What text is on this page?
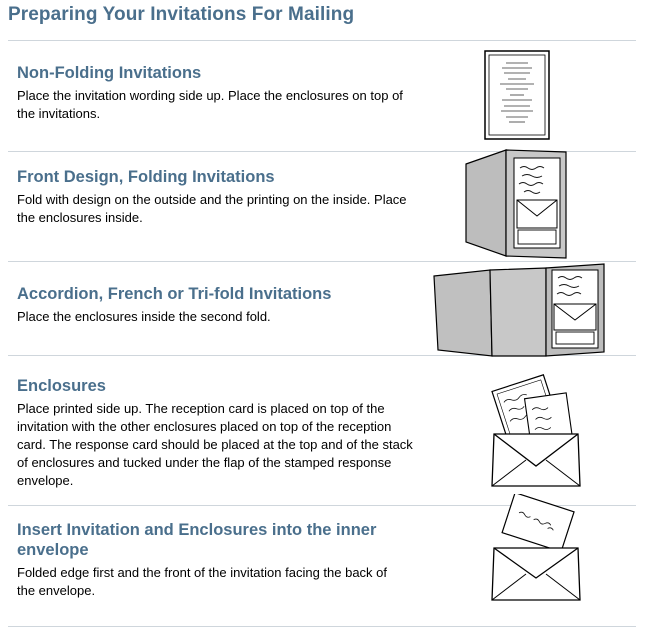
Preparing Your Invitations For Mailing
Non-Folding Invitations

Place the invitation wording side up. Place the enclosures on top of the invitations.

Front Design, Folding Invitations

Fold with design on the outside and the printing on the inside. Place the enclosures inside.

Accordion, French or Tri-fold Invitations

Place the enclosures inside the second fold.

Enclosures

Place printed side up. The reception card is placed on top of the invitation with the other enclosures placed on top of the reception card. The response card should be placed at the top and of the stack of enclosures and tucked under the flap of the stamped response envelope.

Insert Invitation and Enclosures into the inner envelope

Folded edge first and the front of the invitation facing the back of the envelope.
